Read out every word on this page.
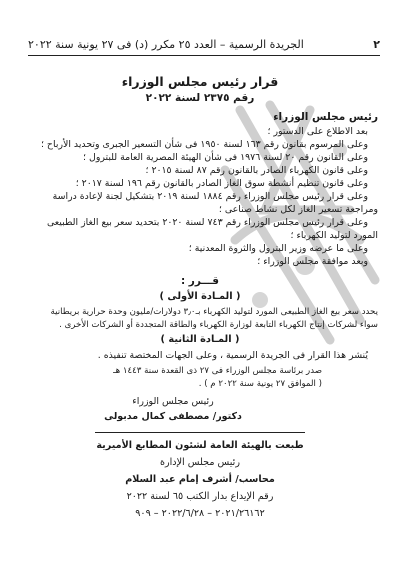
٢
الجريدة الرسمية – العدد ٢٥ مكرر (د) فى ٢٧ يونية سنة ٢٠٢٢
قرار رئيس مجلس الوزراء
رقم ٢٣٧٥ لسنة ٢٠٢٢
رئيس مجلس الوزراء
بعد الاطلاع على الدستور ؛
وعلى المرسوم بقانون رقم ١٦٣ لسنة ١٩٥٠ فى شأن التسعير الجبرى وتحديد الأرباح ؛
وعلى القانون رقم ٢٠ لسنة ١٩٧٦ فى شأن الهيئة المصرية العامة للبترول ؛
وعلى قانون الكهرباء الصادر بالقانون رقم ٨٧ لسنة ٢٠١٥ ؛
وعلى قانون تنظيم أنشطة سوق الغاز الصادر بالقانون رقم ١٩٦ لسنة ٢٠١٧ ؛
وعلى قرار رئيس مجلس الوزراء رقم ١٨٨٤ لسنة ٢٠١٩ بتشكيل لجنة لإعادة دراسة
ومراجعة تسعير الغاز لكل نشاط صناعى ؛
وعلى قرار رئيس مجلس الوزراء رقم ٧٤٣ لسنة ٢٠٢٠ بتحديد سعر بيع الغاز الطبيعى
المورد لتوليد الكهرباء ؛
وعلى ما عرضه وزير البترول والثروة المعدنية ؛
وبعد موافقة مجلس الوزراء ؛
قـــرر :
( المـادة الأولى )
يحدد سعر بيع الغاز الطبيعى المورد لتوليد الكهرباء بـ٣٫٠ دولارات/مليون وحدة حرارية بريطانية
سواء لشركات إنتاج الكهرباء التابعة لوزارة الكهرباء والطاقة المتجددة أو الشركات الأخرى .
( المـادة الثانية )
يُنشر هذا القرار فى الجريدة الرسمية ، وعلى الجهات المختصة تنفيذه .
صدر برئاسة مجلس الوزراء فى ٢٧ ذى القعدة سنة ١٤٤٣ هـ
( الموافق ٢٧ يونية سنة ٢٠٢٢ م ) .
رئيس مجلس الوزراء
دكتور/ مصطفى كمال مدبولى
طبعت بالهيئة العامة لشئون المطابع الأميرية
رئيس مجلس الإدارة
محاسب/ أشرف إمام عبد السلام
رقم الإيداع بدار الكتب ٦٥ لسنة ٢٠٢٢
٢٠٢١/٢٦١٦٢ – ٢٠٢٢/٦/٢٨ – ٩٠٩
